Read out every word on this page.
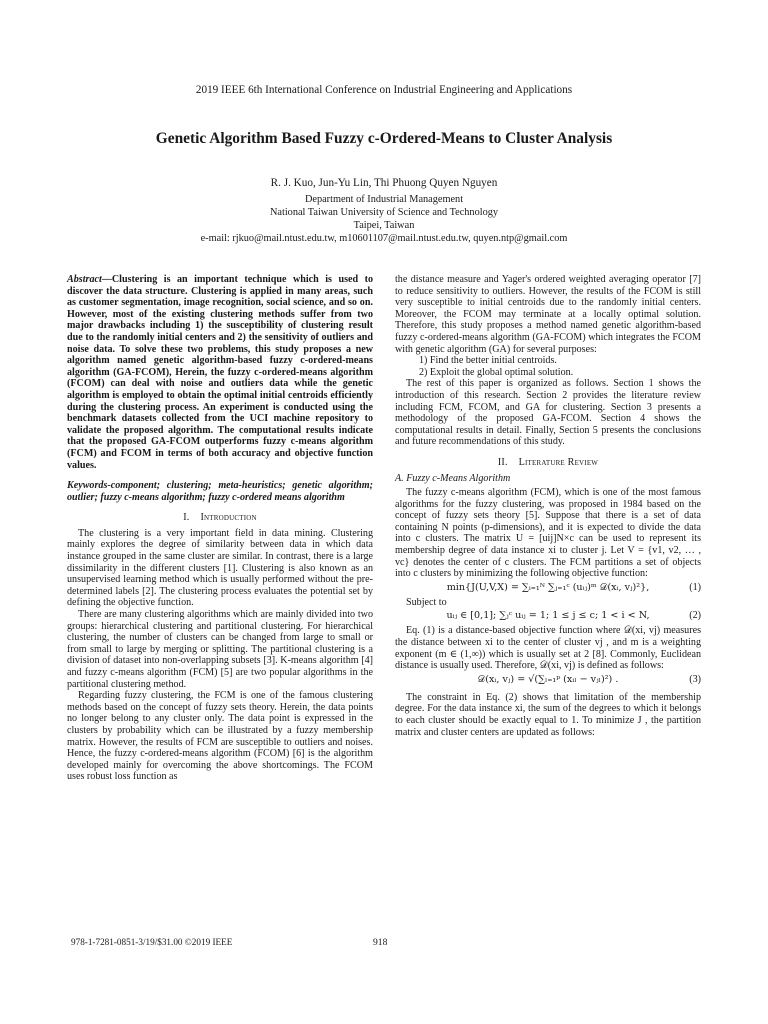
2019 IEEE 6th International Conference on Industrial Engineering and Applications
Genetic Algorithm Based Fuzzy c-Ordered-Means to Cluster Analysis
R. J. Kuo, Jun-Yu Lin, Thi Phuong Quyen Nguyen
Department of Industrial Management
National Taiwan University of Science and Technology
Taipei, Taiwan
e-mail: rjkuo@mail.ntust.edu.tw, m10601107@mail.ntust.edu.tw, quyen.ntp@gmail.com

Abstract—Clustering is an important technique which is used to discover the data structure. Clustering is applied in many areas, such as customer segmentation, image recognition, social science, and so on. However, most of the existing clustering methods suffer from two major drawbacks including 1) the susceptibility of clustering result due to the randomly initial centers and 2) the sensitivity of outliers and noise data. To solve these two problems, this study proposes a new algorithm named genetic algorithm-based fuzzy c-ordered-means algorithm (GA-FCOM), Herein, the fuzzy c-ordered-means algorithm (FCOM) can deal with noise and outliers data while the genetic algorithm is employed to obtain the optimal initial centroids efficiently during the clustering process. An experiment is conducted using the benchmark datasets collected from the UCI machine repository to validate the proposed algorithm. The computational results indicate that the proposed GA-FCOM outperforms fuzzy c-means algorithm (FCM) and FCOM in terms of both accuracy and objective function values.

Keywords-component; clustering; meta-heuristics; genetic algorithm; outlier; fuzzy c-means algorithm; fuzzy c-ordered means algorithm

I. Introduction

The clustering is a very important field in data mining. Clustering mainly explores the degree of similarity between data in which data instance grouped in the same cluster are similar. In contrast, there is a large dissimilarity in the different clusters [1]. Clustering is also known as an unsupervised learning method which is usually performed without the pre-determined labels [2]. The clustering process evaluates the potential set by defining the objective function.

There are many clustering algorithms which are mainly divided into two groups: hierarchical clustering and partitional clustering. For hierarchical clustering, the number of clusters can be changed from large to small or from small to large by merging or splitting. The partitional clustering is a division of dataset into non-overlapping subsets [3]. K-means algorithm [4] and fuzzy c-means algorithm (FCM) [5] are two popular algorithms in the partitional clustering method.

Regarding fuzzy clustering, the FCM is one of the famous clustering methods based on the concept of fuzzy sets theory. Herein, the data points no longer belong to any cluster only. The data point is expressed in the clusters by probability which can be illustrated by a fuzzy membership matrix. However, the results of FCM are susceptible to outliers and noises. Hence, the fuzzy c-ordered-means algorithm (FCOM) [6] is the algorithm developed mainly for overcoming the above shortcomings. The FCOM uses robust loss function as

the distance measure and Yager's ordered weighted averaging operator [7] to reduce sensitivity to outliers. However, the results of the FCOM is still very susceptible to initial centroids due to the randomly initial centers. Moreover, the FCOM may terminate at a locally optimal solution. Therefore, this study proposes a method named genetic algorithm-based fuzzy c-ordered-means algorithm (GA-FCOM) which integrates the FCOM with genetic algorithm (GA) for several purposes:

1) Find the better initial centroids.

2) Exploit the global optimal solution.

The rest of this paper is organized as follows. Section 1 shows the introduction of this research. Section 2 provides the literature review including FCM, FCOM, and GA for clustering. Section 3 presents a methodology of the proposed GA-FCOM. Section 4 shows the computational results in detail. Finally, Section 5 presents the conclusions and future recommendations of this study.

II. Literature Review
A. Fuzzy c-Means Algorithm

The fuzzy c-means algorithm (FCM), which is one of the most famous algorithms for the fuzzy clustering, was proposed in 1984 based on the concept of fuzzy sets theory [5]. Suppose that there is a set of data containing N points (p-dimensions), and it is expected to divide the data into c clusters. The matrix U = [uij]N×c can be used to represent its membership degree of data instance xi to cluster j. Let V = {v1, v2, … , vc} denotes the center of c clusters. The FCM partitions a set of objects into c clusters by minimizing the following objective function:

min{J(U,V,X) = ∑ᵢ₌₁ᴺ ∑ⱼ₌₁ᶜ (uᵢⱼ)ᵐ 𝒟(xᵢ, vⱼ)²},	(1)

Subject to

uᵢⱼ ∈ [0,1]; ∑ⱼᶜ uᵢⱼ = 1; 1 ≤ j ≤ c; 1 < i < N,	(2)

Eq. (1) is a distance-based objective function where 𝒟(xi, vj) measures the distance between xi to the center of cluster vj , and m is a weighting exponent (m ∈ (1,∞)) which is usually set at 2 [8]. Commonly, Euclidean distance is usually used. Therefore, 𝒟(xi, vj) is defined as follows:

𝒟(xᵢ, vⱼ) = √(∑ₗ₌₁ᵖ (xᵢₗ − vⱼₗ)²) .	(3)

The constraint in Eq. (2) shows that limitation of the membership degree. For the data instance xi, the sum of the degrees to which it belongs to each cluster should be exactly equal to 1. To minimize J , the partition matrix and cluster centers are updated as follows:

978-1-7281-0851-3/19/$31.00 ©2019 IEEE	918
